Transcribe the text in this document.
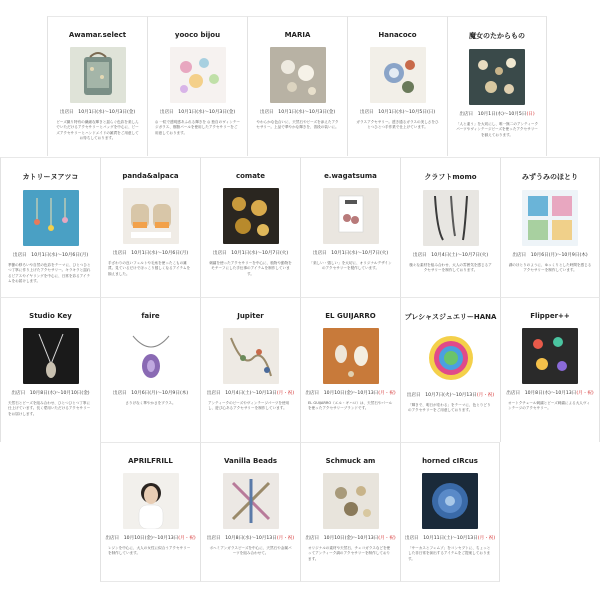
Awamar.select
出店日　 10月1日(水)〜10月3日(金)
ビーズ織り特有の繊細な輝きと揺らぐ色彩を楽しんでいただけるアクセサリーとバッグを中心に、ピーズアクセサリーとハンドメイドの雑貨をご用意してお待ちしております。
yooco bijou
出店日　 10月1日(水)〜10月3日(金)
◎ 一粒で透明感あふれる輝きを ◎ 独自のヴィンテージガラス、樹脂パールを使用したアクセサリーをご用意しております。
MARIA
出店日　 10月1日(水)〜10月3日(金)
やわらかな色合いに、天然石やビーズを添えたアクセサリー。上品で華やかな輝きを、普段の装いに。
Hanacoco
出店日　 10月1日(水)〜10月5日(日)
ガラスアクセサリー。透き通るガラスの美しさをひとつひとつ手作業で仕上げています。
魔女のたからもの
出店日　 10月1日(水)〜10月5日(日)
「人と違う」を大切にし、唯一無二のアンティークパーツやヴィンテージビーズを使ったアクセサリーを揃えております。
カトリーヌアツコ
出店日　 10月1日(水)〜10月6日(月)
季節の移ろいや自然の色彩をテーマに、ひとつひとつ丁寧に作り上げたアクセサリー。キラキラと揺れるピアスやイヤリングを中心に、日常を彩るアイテムをお届けします。
panda&alpaca
出店日　 10月1日(水)〜10月6日(月)
手ざわりの良いフェルトや毛糸を使ったこもの雑貨。見ているだけでほっこり嬉しくなるアイテムを揃えました。
comate
出店日　 10月1日(水)〜10月7日(火)
刺繍を使ったアクセサリーを中心に、植物や動物をモチーフにした手仕事のアイテムを制作しています。
e.wagatsuma
出店日　 10月1日(水)〜10月7日(火)
「楽しい・嬉しい」を大切に、オリジナルデザインのアクセサリーを製作しています。
クラフトmomo
出店日　 10月4日(土)〜10月7日(火)
様々な素材を組み合わせ、大人の雰囲気を感じるアクセサリーを制作しております。
みずうみのほとり
出店日　 10月6日(月)〜10月9日(木)
湖のほとりのように、ゆっくりとした時間を感じるアクセサリーを制作しています。
Studio Key
出店日　 10月8日(水)〜10月10日(金)
天然石とビーズを組み合わせ、ひとつひとつ丁寧に仕上げています。長く愛用いただけるアクセサリーをお届けします。
faire
出店日　 10月6日(月)〜10月9日(木)
さりげなく華やかさをプラス。
Jupiter
出店日　 10月4日(土)〜10月13日(月・祝)
アンティークのビーズやヴィンテージパーツを使用し、遊び心あるアクセサリーを制作しています。
EL GUIJARRO
出店日　 10月10日(金)〜10月13日(月・祝)
EL GUIJARRO（エル・ギハロ）は、天然石やパールを使ったアクセサリーブランドです。
プレシャスジュエリーHANA
出店日　 10月7日(火)〜10月13日(月・祝)
「輝きで、明日が変わる」をテーマに、色とりどりのアクセサリーをご用意しております。
Flipper++
出店日　 10月8日(水)〜10月13日(月・祝)
オートクチュール刺繍とビーズ刺繍による大人ヴィンテージのアクセサリー。
APRILFRILL
出店日　 10月10日(金)〜10月13日(月・祝)
レジンを中心に、大人の女性に似合うアクセサリーを制作しています。
Vanilla Beads
出店日　 10月8日(水)〜10月13日(月・祝)
ボヘミアンガラスビーズを中心に、天然石や金属パーツを組み合わせて。
Schmuck am
出店日　 10月10日(金)〜10月13日(月・祝)
オリジナルの素材や天然石、チェコガラスなどを使ってアンティーク調のアクセサリーを制作しております。
horned cIRcus
出店日　 10月11日(土)〜10月13日(月・祝)
「サーカスとフェムゾ」をコンセプトに、ちょっとした非日常を演出するアイテムをご提案しております。
